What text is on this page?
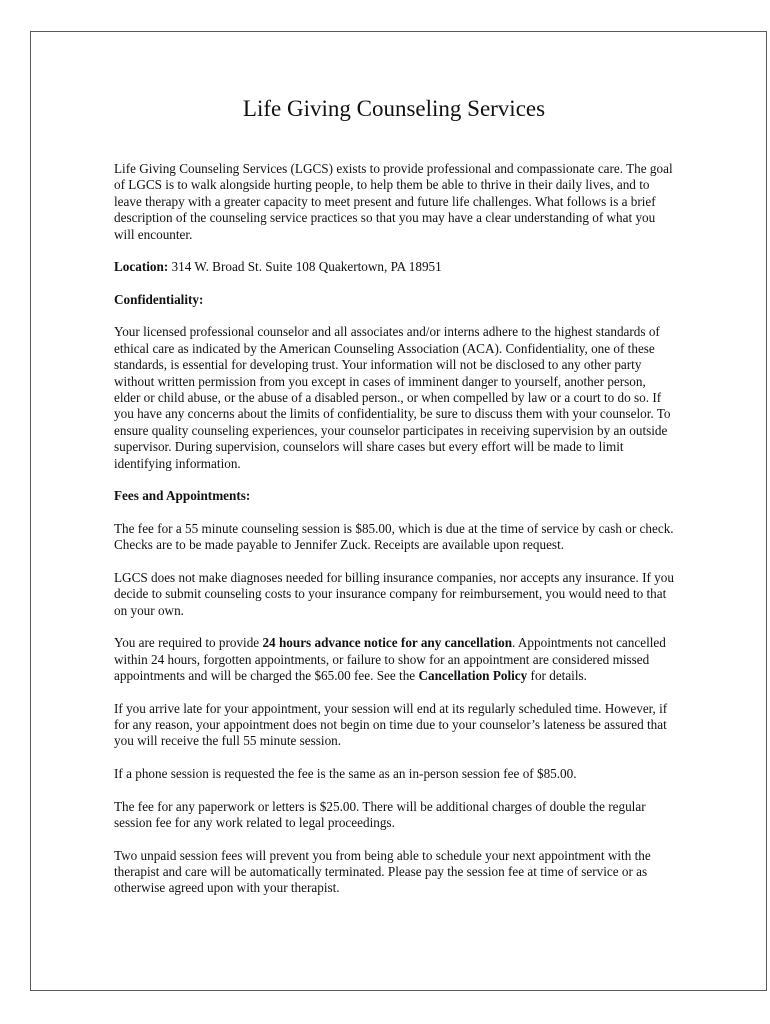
Life Giving Counseling Services

Life Giving Counseling Services (LGCS) exists to provide professional and compassionate care. The goal of LGCS is to walk alongside hurting people, to help them be able to thrive in their daily lives, and to leave therapy with a greater capacity to meet present and future life challenges. What follows is a brief description of the counseling service practices so that you may have a clear understanding of what you will encounter.

Location: 314 W. Broad St. Suite 108 Quakertown, PA 18951

Confidentiality:

Your licensed professional counselor and all associates and/or interns adhere to the highest standards of ethical care as indicated by the American Counseling Association (ACA). Confidentiality, one of these standards, is essential for developing trust. Your information will not be disclosed to any other party without written permission from you except in cases of imminent danger to yourself, another person, elder or child abuse, or the abuse of a disabled person., or when compelled by law or a court to do so. If you have any concerns about the limits of confidentiality, be sure to discuss them with your counselor. To ensure quality counseling experiences, your counselor participates in receiving supervision by an outside supervisor. During supervision, counselors will share cases but every effort will be made to limit identifying information.

Fees and Appointments:

The fee for a 55 minute counseling session is $85.00, which is due at the time of service by cash or check. Checks are to be made payable to Jennifer Zuck. Receipts are available upon request.

LGCS does not make diagnoses needed for billing insurance companies, nor accepts any insurance. If you decide to submit counseling costs to your insurance company for reimbursement, you would need to that on your own.

You are required to provide 24 hours advance notice for any cancellation. Appointments not cancelled within 24 hours, forgotten appointments, or failure to show for an appointment are considered missed appointments and will be charged the $65.00 fee. See the Cancellation Policy for details.

If you arrive late for your appointment, your session will end at its regularly scheduled time. However, if for any reason, your appointment does not begin on time due to your counselor’s lateness be assured that you will receive the full 55 minute session.

If a phone session is requested the fee is the same as an in-person session fee of $85.00.

The fee for any paperwork or letters is $25.00. There will be additional charges of double the regular session fee for any work related to legal proceedings.

Two unpaid session fees will prevent you from being able to schedule your next appointment with the therapist and care will be automatically terminated. Please pay the session fee at time of service or as otherwise agreed upon with your therapist.
